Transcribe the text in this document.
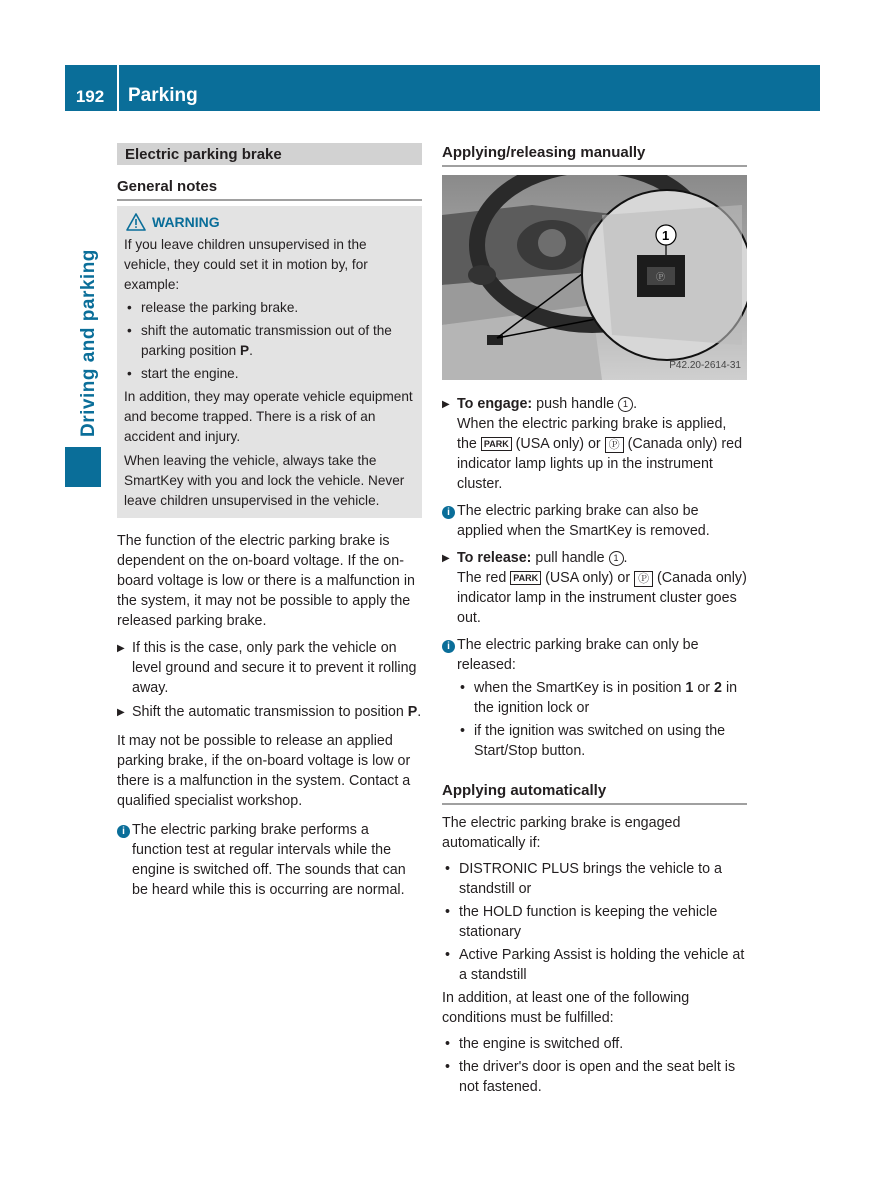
192	Parking
Driving and parking
Electric parking brake
General notes
WARNING

If you leave children unsupervised in the vehicle, they could set it in motion by, for example:

• release the parking brake.
• shift the automatic transmission out of the parking position P.
• start the engine.

In addition, they may operate vehicle equipment and become trapped. There is a risk of an accident and injury.

When leaving the vehicle, always take the SmartKey with you and lock the vehicle. Never leave children unsupervised in the vehicle.

The function of the electric parking brake is dependent on the on-board voltage. If the on-board voltage is low or there is a malfunction in the system, it may not be possible to apply the released parking brake.

▶ If this is the case, only park the vehicle on level ground and secure it to prevent it rolling away.
▶ Shift the automatic transmission to position P.

It may not be possible to release an applied parking brake, if the on-board voltage is low or there is a malfunction in the system. Contact a qualified specialist workshop.

i The electric parking brake performs a function test at regular intervals while the engine is switched off. The sounds that can be heard while this is occurring are normal.
Applying/releasing manually
Ⓟ
1
P42.20-2614-31
▶ To engage: push handle 1 .
When the electric parking brake is applied, the PARK (USA only) or Ⓟ (Canada only) red indicator lamp lights up in the instrument cluster.
i The electric parking brake can also be applied when the SmartKey is removed.
▶ To release: pull handle 1 .
The red PARK (USA only) or Ⓟ (Canada only) indicator lamp in the instrument cluster goes out.
i The electric parking brake can only be released:
• when the SmartKey is in position 1 or 2 in the ignition lock or
• if the ignition was switched on using the Start/Stop button.
Applying automatically

The electric parking brake is engaged automatically if:

• DISTRONIC PLUS brings the vehicle to a standstill or
• the HOLD function is keeping the vehicle stationary
• Active Parking Assist is holding the vehicle at a standstill

In addition, at least one of the following conditions must be fulfilled:

• the engine is switched off.
• the driver's door is open and the seat belt is not fastened.
